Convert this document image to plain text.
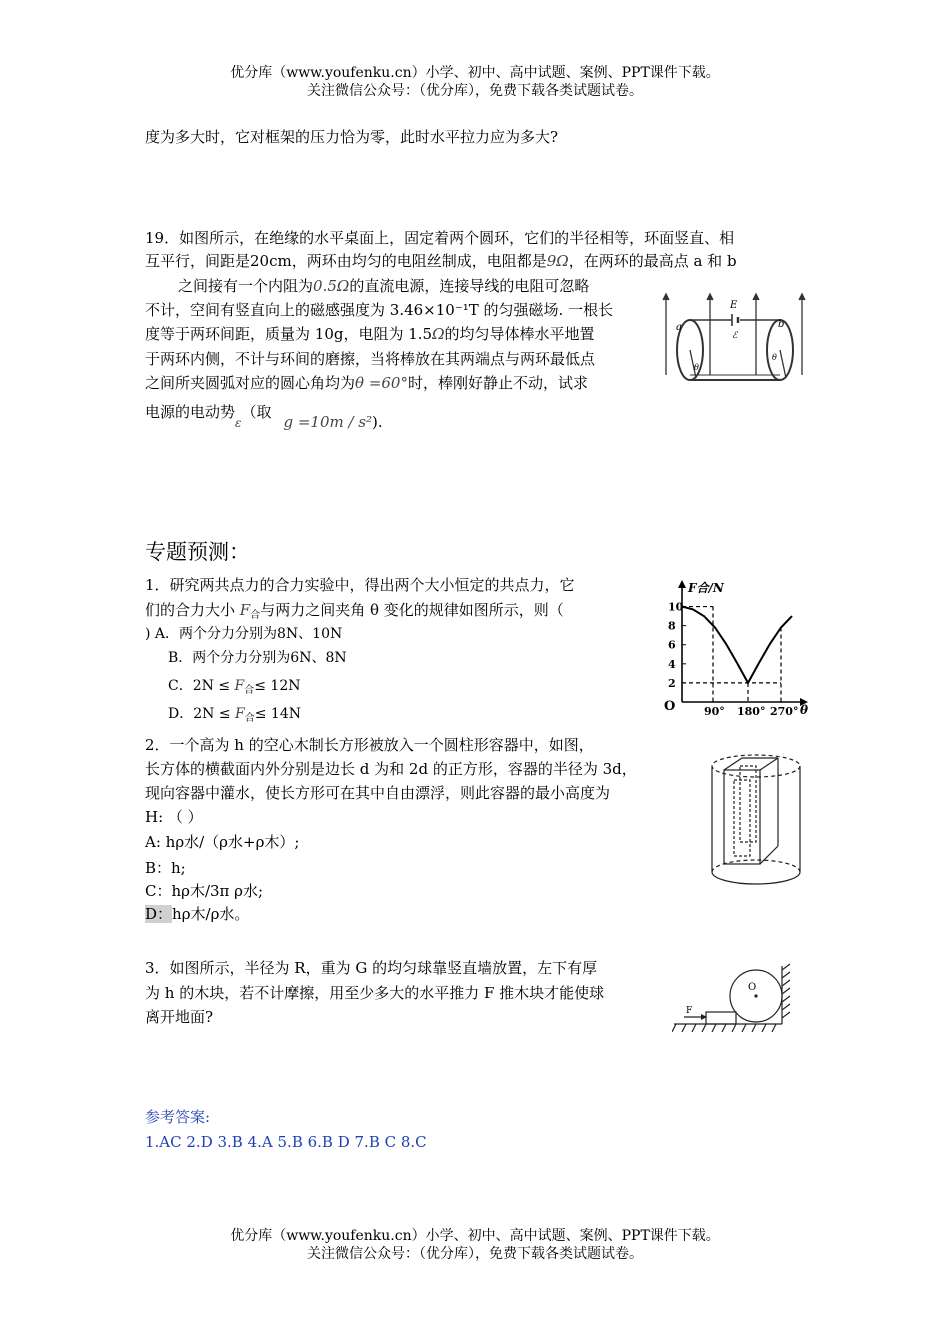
优分库（www.youfenku.cn）小学、初中、高中试题、案例、PPT课件下载。
关注微信公众号：（优分库），免费下载各类试题试卷。
度为多大时，它对框架的压力恰为零，此时水平拉力应为多大?
19．如图所示，在绝缘的水平桌面上，固定着两个圆环，它们的半径相等，环面竖直、相
互平行，间距是20cm，两环由均匀的电阻丝制成，电阻都是9Ω，在两环的最高点 a 和 b
之间接有一个内阻为0.5Ω的直流电源，连接导线的电阻可忽略
不计，空间有竖直向上的磁感强度为 3.46×10⁻¹T 的匀强磁场. 一根长
度等于两环间距，质量为 10g，电阻为 1.5Ω的均匀导体棒水平地置
于两环内侧，不计与环间的磨擦，当将棒放在其两端点与两环最低点
之间所夹圆弧对应的圆心角均为θ =60°时，棒刚好静止不动，试求
电源的电动势$_\varepsilon$（取g =10m / s²).
a	b
E
ℰ
θ
θ
专题预测：
1．研究两共点力的合力实验中，得出两个大小恒定的共点力，它
们的合力大小 $F_合$与两力之间夹角 θ 变化的规律如图所示，则（
) A．两个分力分别为8N、10N
B．两个分力分别为6N、8N
C．$2N \le F_合\le 12N$
D．$2N \le F_合\le 14N$
2
4
6
8
10
90° 180° 270°
F合/N
O	θ
2．一个高为 h 的空心木制长方形被放入一个圆柱形容器中，如图，
长方体的横截面内外分别是边长 d 为和 2d 的正方形，容器的半径为 3d，
现向容器中灌水，使长方形可在其中自由漂浮，则此容器的最小高度为
H: （ ）
A: hρ水/（ρ水+ρ木）;
B：h;
C：hρ木/3π ρ水;
D：hρ木/ρ水。
3．如图所示，半径为 R，重为 G 的均匀球靠竖直墙放置，左下有厚
为 h 的木块，若不计摩擦，用至少多大的水平推力 F 推木块才能使球
离开地面?
O
F
参考答案:
1.AC 2.D 3.B 4.A 5.B 6.B D 7.B C 8.C
优分库（www.youfenku.cn）小学、初中、高中试题、案例、PPT课件下载。
关注微信公众号：（优分库），免费下载各类试题试卷。
